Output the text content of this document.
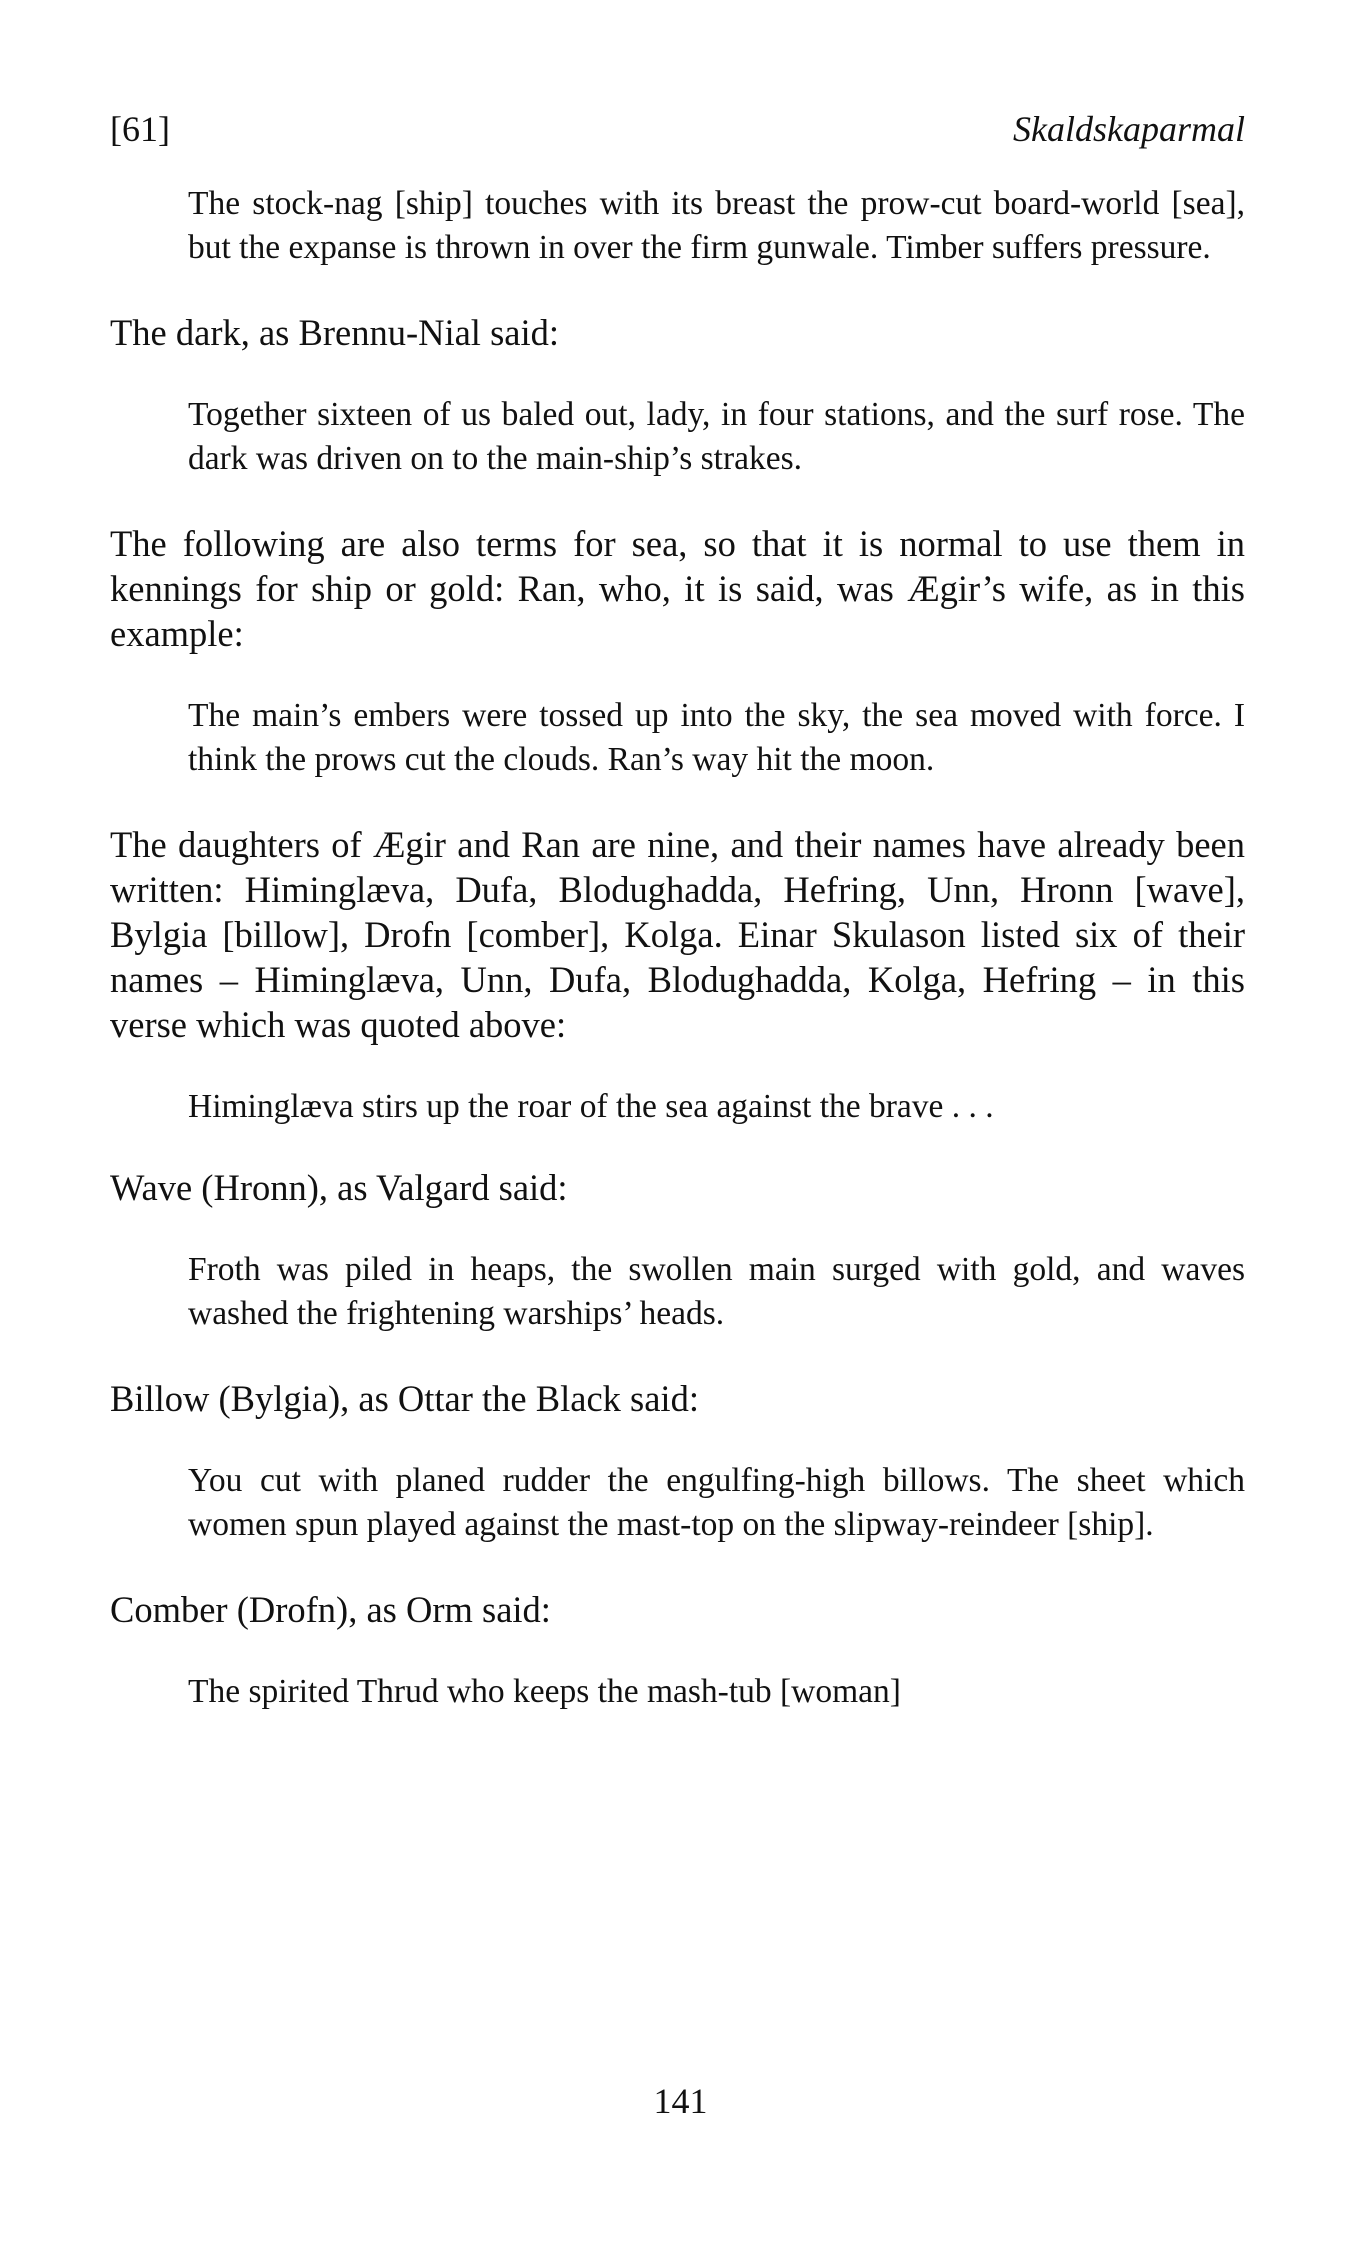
[61]	Skaldskaparmal

The stock-nag [ship] touches with its breast the prow-cut board-world [sea], but the expanse is thrown in over the firm gunwale. Timber suffers pressure.

The dark, as Brennu-Nial said:

Together sixteen of us baled out, lady, in four stations, and the surf rose. The dark was driven on to the main-ship’s strakes.

The following are also terms for sea, so that it is normal to use them in kennings for ship or gold: Ran, who, it is said, was Ægir’s wife, as in this example:

The main’s embers were tossed up into the sky, the sea moved with force. I think the prows cut the clouds. Ran’s way hit the moon.

The daughters of Ægir and Ran are nine, and their names have already been written: Himinglæva, Dufa, Blodughadda, Hefring, Unn, Hronn [wave], Bylgia [billow], Drofn [comber], Kolga. Einar Skulason listed six of their names – Himinglæva, Unn, Dufa, Blodughadda, Kolga, Hefring – in this verse which was quoted above:

Himinglæva stirs up the roar of the sea against the brave . . .

Wave (Hronn), as Valgard said:

Froth was piled in heaps, the swollen main surged with gold, and waves washed the frightening warships’ heads.

Billow (Bylgia), as Ottar the Black said:

You cut with planed rudder the engulfing-high billows. The sheet which women spun played against the mast-top on the slipway-reindeer [ship].

Comber (Drofn), as Orm said:

The spirited Thrud who keeps the mash-tub [woman]

141
